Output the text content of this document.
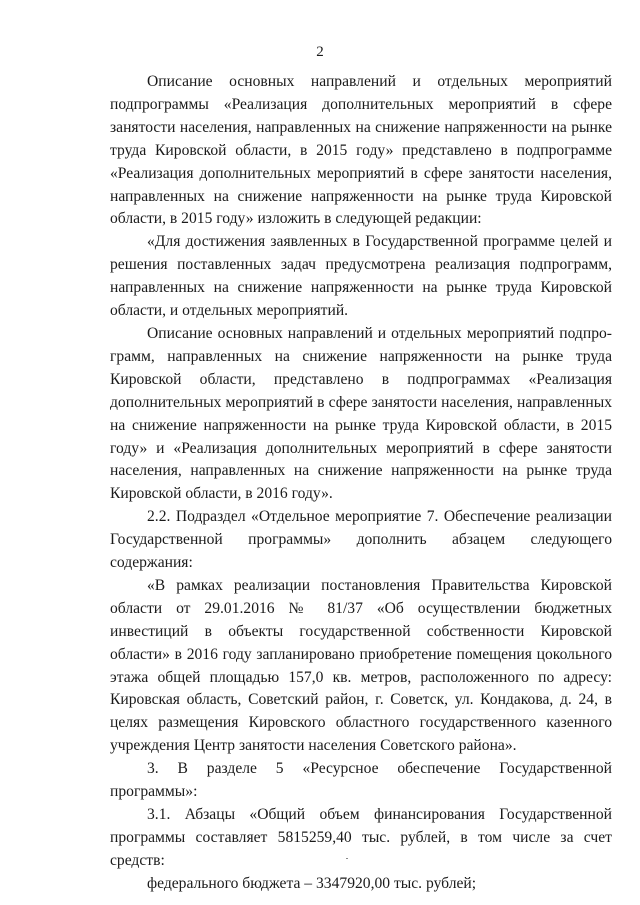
2

Описание основных направлений и отдельных мероприятий подпрограммы «Реализация дополнительных мероприятий в сфере занятости населения, направленных на снижение напряженности на рынке труда Кировской области, в 2015 году» представлено в подпрограмме «Реализация дополнительных мероприятий в сфере занятости населения, направленных на снижение напряженности на рынке труда Кировской области, в 2015 году» изложить в следующей редакции:

«Для достижения заявленных в Государственной программе целей и решения поставленных задач предусмотрена реализация подпрограмм, направленных на снижение напряженности на рынке труда Кировской области, и отдельных мероприятий.

Описание основных направлений и отдельных мероприятий подпрограмм, направленных на снижение напряженности на рынке труда Кировской области, представлено в подпрограммах «Реализация дополнительных мероприятий в сфере занятости населения, направленных на снижение напряженности на рынке труда Кировской области, в 2015 году» и «Реализация дополнительных мероприятий в сфере занятости населения, направленных на снижение напряженности на рынке труда Кировской области, в 2016 году».

2.2. Подраздел «Отдельное мероприятие 7. Обеспечение реализации Государственной программы» дополнить абзацем следующего содержания:

«В рамках реализации постановления Правительства Кировской области от 29.01.2016 № 81/37 «Об осуществлении бюджетных инвестиций в объекты государственной собственности Кировской области» в 2016 году запланировано приобретение помещения цокольного этажа общей площадью 157,0 кв. метров, расположенного по адресу: Кировская область, Советский район, г. Советск, ул. Кондакова, д. 24, в целях размещения Кировского областного государственного казенного учреждения Центр занятости населения Советского района».

3. В разделе 5 «Ресурсное обеспечение Государственной программы»:

3.1. Абзацы «Общий объем финансирования Государственной программы составляет 5815259,40 тыс. рублей, в том числе за счет средств:

федерального бюджета – 3347920,00 тыс. рублей;
